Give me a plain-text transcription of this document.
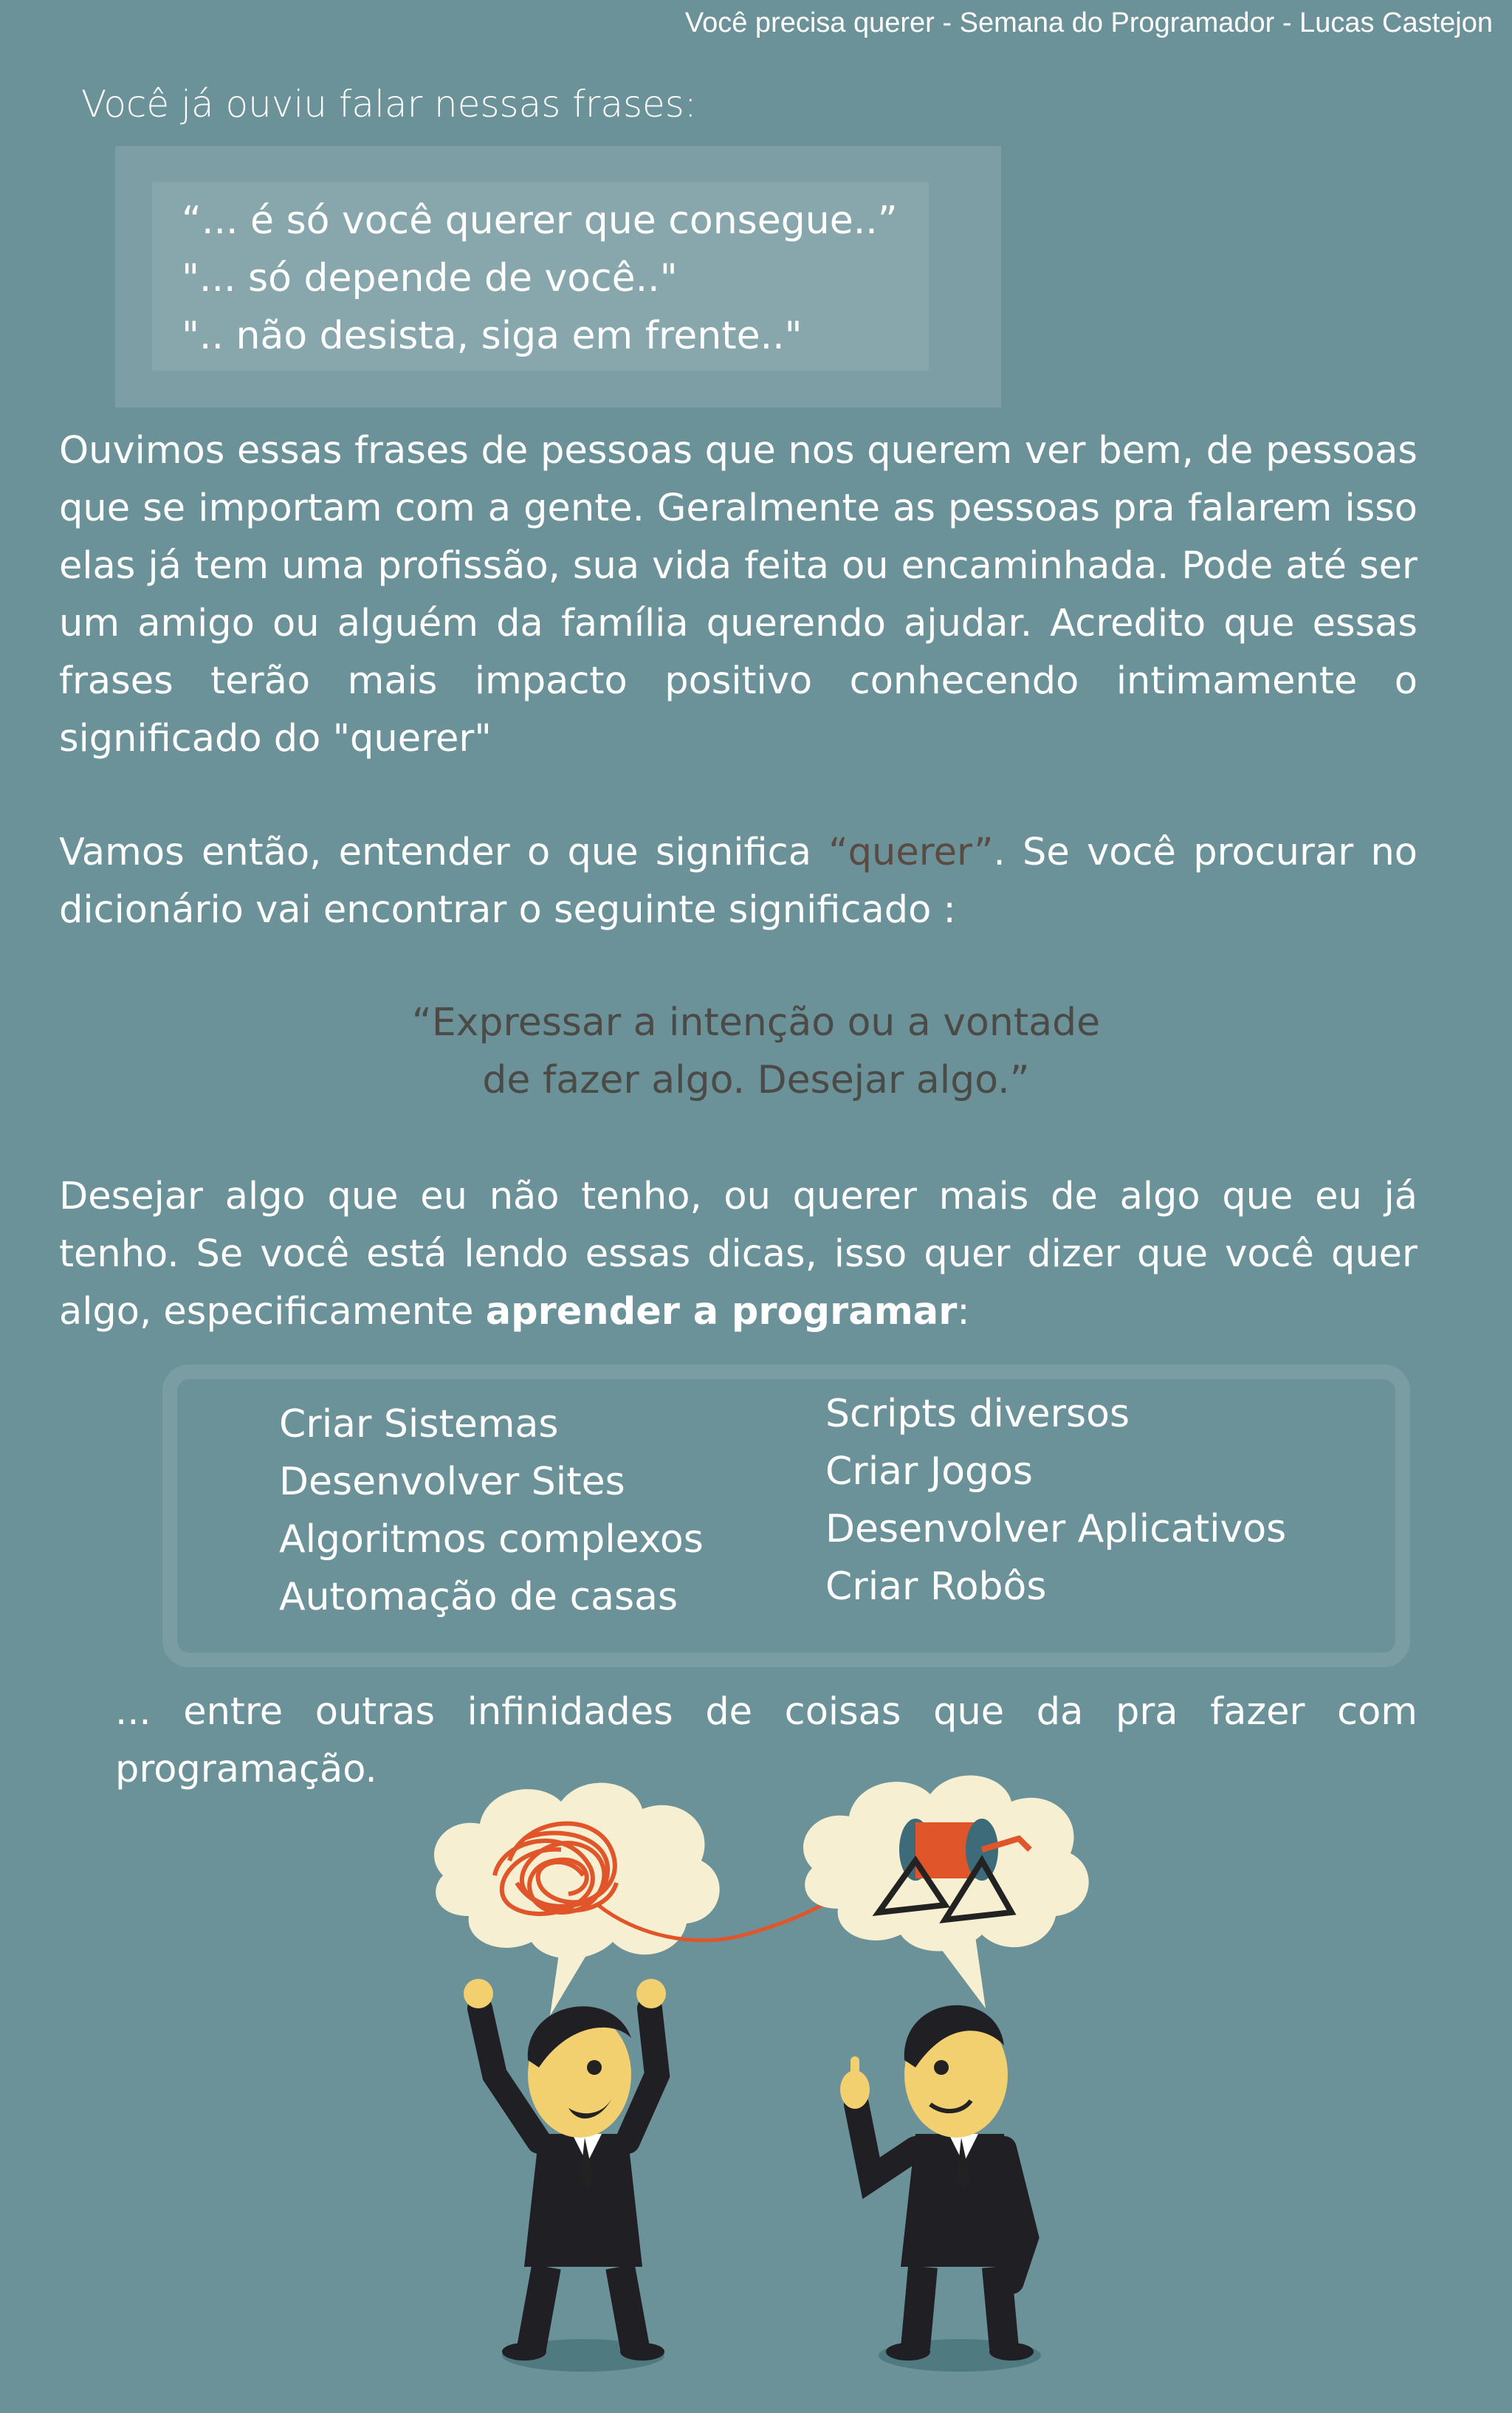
Você precisa querer - Semana do Programador - Lucas Castejon
Você já ouviu falar nessas frases:
“... é só você querer que consegue..”
"... só depende de você.."
".. não desista, siga em frente.."
Ouvimos essas frases de pessoas que nos querem ver bem, de pessoas que se importam com a gente. Geralmente as pessoas pra falarem isso elas já tem uma profissão, sua vida feita ou encaminhada. Pode até ser um amigo ou alguém da família querendo ajudar. Acredito que essas frases terão mais impacto positivo conhecendo intimamente o significado do "querer"
Vamos então, entender o que significa “querer”. Se você procurar no dicionário vai encontrar o seguinte significado :
“Expressar a intenção ou a vontade
de fazer algo. Desejar algo.”
Desejar algo que eu não tenho, ou querer mais de algo que eu já tenho. Se você está lendo essas dicas, isso quer dizer que você quer algo, especificamente aprender a programar:
Criar Sistemas
Desenvolver Sites
Algoritmos complexos
Automação de casas
Scripts diversos
Criar Jogos
Desenvolver Aplicativos
Criar Robôs
... entre outras infinidades de coisas que da pra fazer com programação.
